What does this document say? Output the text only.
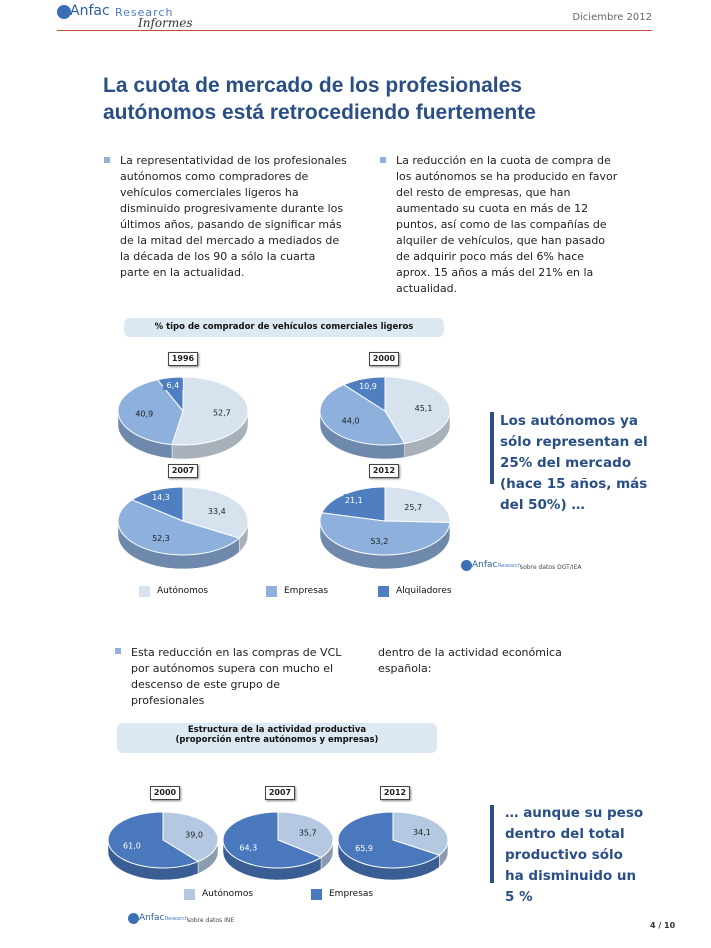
Anfac Research
Informes	Diciembre 2012
La cuota de mercado de los profesionales autónomos está retrocediendo fuertemente
La representatividad de los profesionales autónomos como compradores de vehículos comerciales ligeros ha disminuido progresivamente durante los últimos años, pasando de significar más de la mitad del mercado a mediados de la década de los 90 a sólo la cuarta parte en la actualidad.
La reducción en la cuota de compra de los autónomos se ha producido en favor del resto de empresas, que han aumentado su cuota en más de 12 puntos, así como de las compañías de alquiler de vehículos, que han pasado de adquirir poco más del 6% hace aprox. 15 años a más del 21% en la actualidad.
% tipo de comprador de vehículos comerciales ligeros
52,7
40,9
6,4
45,1
44,0
10,9
33,4
52,3
14,3
25,7
53,2
21,1
39,0
61,0
35,7
64,3
34,1
65,9
1996	2000
2007	2012
Los autónomos ya sólo representan el 25% del mercado (hace 15 años, más del 50%) …
Anfac Research sobre datos DGT/IEA
Autónomos	Empresas	Alquiladores
Esta reducción en las compras de VCL por autónomos supera con mucho el descenso de este grupo de profesionales
dentro de la actividad económica española:
Estructura de la actividad productiva
(proporción entre autónomos y empresas)
2000	2007	2012
… aunque su peso dentro del total productivo sólo ha disminuido un 5 %
Autónomos	Empresas
Anfac Research sobre datos INE
4 / 10
